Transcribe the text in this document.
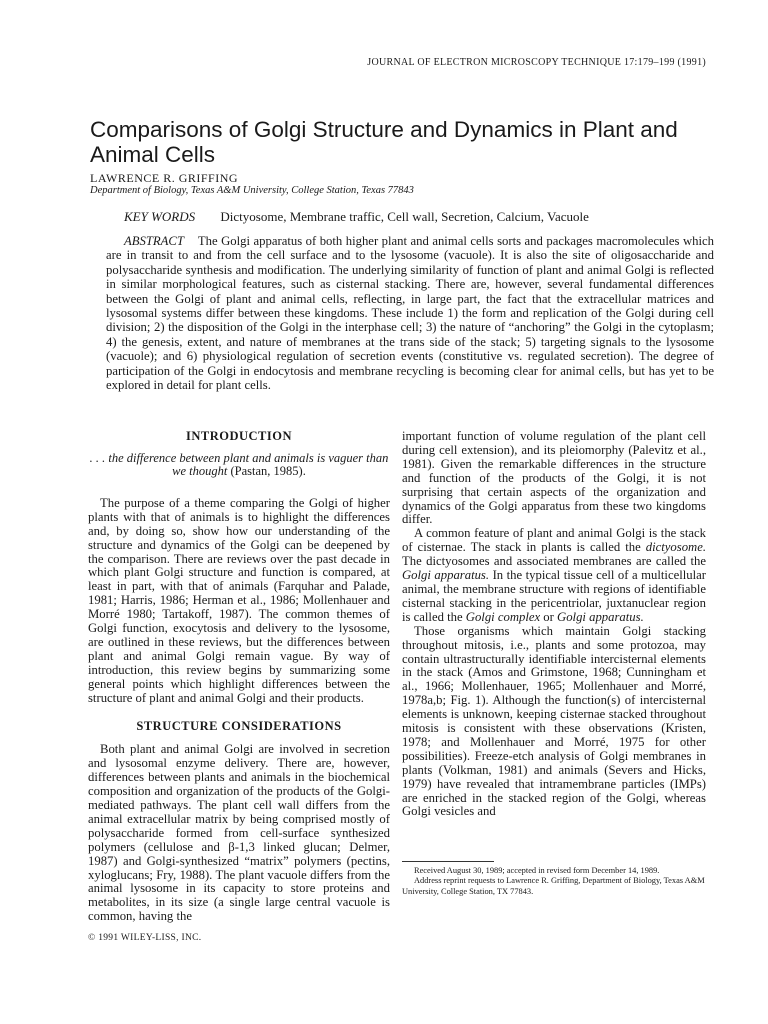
JOURNAL OF ELECTRON MICROSCOPY TECHNIQUE 17:179–199 (1991)
Comparisons of Golgi Structure and Dynamics in Plant and Animal Cells
LAWRENCE R. GRIFFING
Department of Biology, Texas A&M University, College Station, Texas 77843
KEY WORDS Dictyosome, Membrane traffic, Cell wall, Secretion, Calcium, Vacuole

ABSTRACT The Golgi apparatus of both higher plant and animal cells sorts and packages macromolecules which are in transit to and from the cell surface and to the lysosome (vacuole). It is also the site of oligosaccharide and polysaccharide synthesis and modification. The underlying similarity of function of plant and animal Golgi is reflected in similar morphological features, such as cisternal stacking. There are, however, several fundamental differences between the Golgi of plant and animal cells, reflecting, in large part, the fact that the extracellular matrices and lysosomal systems differ between these kingdoms. These include 1) the form and replication of the Golgi during cell division; 2) the disposition of the Golgi in the interphase cell; 3) the nature of “anchoring” the Golgi in the cytoplasm; 4) the genesis, extent, and nature of membranes at the trans side of the stack; 5) targeting signals to the lysosome (vacuole); and 6) physiological regulation of secretion events (constitutive vs. regulated secretion). The degree of participation of the Golgi in endocytosis and membrane recycling is becoming clear for animal cells, but has yet to be explored in detail for plant cells.

INTRODUCTION

. . . the difference between plant and animals is vaguer than we thought (Pastan, 1985).

The purpose of a theme comparing the Golgi of higher plants with that of animals is to highlight the differences and, by doing so, show how our understanding of the structure and dynamics of the Golgi can be deepened by the comparison. There are reviews over the past decade in which plant Golgi structure and function is compared, at least in part, with that of animals (Farquhar and Palade, 1981; Harris, 1986; Herman et al., 1986; Mollenhauer and Morré 1980; Tartakoff, 1987). The common themes of Golgi function, exocytosis and delivery to the lysosome, are outlined in these reviews, but the differences between plant and animal Golgi remain vague. By way of introduction, this review begins by summarizing some general points which highlight differences between the structure of plant and animal Golgi and their products.

STRUCTURE CONSIDERATIONS

Both plant and animal Golgi are involved in secretion and lysosomal enzyme delivery. There are, however, differences between plants and animals in the biochemical composition and organization of the products of the Golgi-mediated pathways. The plant cell wall differs from the animal extracellular matrix by being comprised mostly of polysaccharide formed from cell-surface synthesized polymers (cellulose and β-1,3 linked glucan; Delmer, 1987) and Golgi-synthesized “matrix” polymers (pectins, xyloglucans; Fry, 1988). The plant vacuole differs from the animal lysosome in its capacity to store proteins and metabolites, in its size (a single large central vacuole is common, having the

important function of volume regulation of the plant cell during cell extension), and its pleiomorphy (Palevitz et al., 1981). Given the remarkable differences in the structure and function of the products of the Golgi, it is not surprising that certain aspects of the organization and dynamics of the Golgi apparatus from these two kingdoms differ.

A common feature of plant and animal Golgi is the stack of cisternae. The stack in plants is called the dictyosome. The dictyosomes and associated membranes are called the Golgi apparatus. In the typical tissue cell of a multicellular animal, the membrane structure with regions of identifiable cisternal stacking in the pericentriolar, juxtanuclear region is called the Golgi complex or Golgi apparatus.

Those organisms which maintain Golgi stacking throughout mitosis, i.e., plants and some protozoa, may contain ultrastructurally identifiable intercisternal elements in the stack (Amos and Grimstone, 1968; Cunningham et al., 1966; Mollenhauer, 1965; Mollenhauer and Morré, 1978a,b; Fig. 1). Although the function(s) of intercisternal elements is unknown, keeping cisternae stacked throughout mitosis is consistent with these observations (Kristen, 1978; and Mollenhauer and Morré, 1975 for other possibilities). Freeze-etch analysis of Golgi membranes in plants (Volkman, 1981) and animals (Severs and Hicks, 1979) have revealed that intramembrane particles (IMPs) are enriched in the stacked region of the Golgi, whereas Golgi vesicles and

Received August 30, 1989; accepted in revised form December 14, 1989.

Address reprint requests to Lawrence R. Griffing, Department of Biology, Texas A&M University, College Station, TX 77843.

© 1991 WILEY-LISS, INC.
